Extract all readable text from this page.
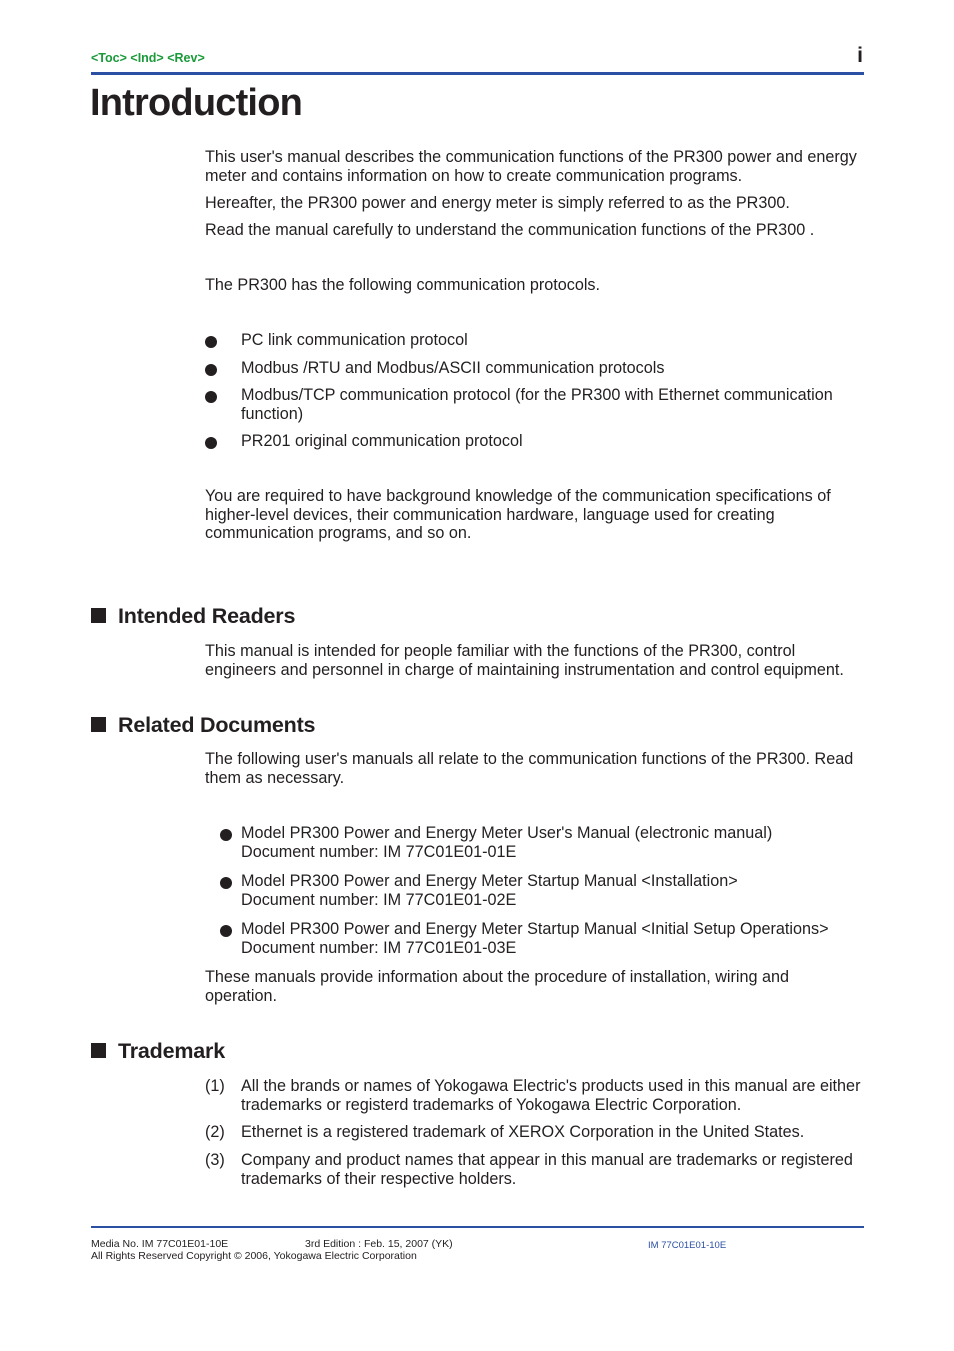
<Toc> <Ind> <Rev>	i
Introduction

This user's manual describes the communication functions of the PR300 power and energy meter and contains information on how to create communication programs.

Hereafter, the PR300 power and energy meter is simply referred to as the PR300.

Read the manual carefully to understand the communication functions of the PR300 .

The PR300 has the following communication protocols.

PC link communication protocol
Modbus /RTU and Modbus/ASCII communication protocols
Modbus/TCP communication protocol (for the PR300 with Ethernet communication function)
PR201 original communication protocol

You are required to have background knowledge of the communication specifications of higher-level devices, their communication hardware, language used for creating communication programs, and so on.

Intended Readers

This manual is intended for people familiar with the functions of the PR300, control engineers and personnel in charge of maintaining instrumentation and control equipment.

Related Documents

The following user's manuals all relate to the communication functions of the PR300. Read them as necessary.

Model PR300 Power and Energy Meter User's Manual (electronic manual)
Document number: IM 77C01E01-01E
Model PR300 Power and Energy Meter Startup Manual <Installation>
Document number: IM 77C01E01-02E
Model PR300 Power and Energy Meter Startup Manual <Initial Setup Operations>
Document number: IM 77C01E01-03E

These manuals provide information about the procedure of installation, wiring and operation.

Trademark
(1) All the brands or names of Yokogawa Electric's products used in this manual are either trademarks or registerd trademarks of Yokogawa Electric Corporation.
(2) Ethernet is a registered trademark of XEROX Corporation in the United States.
(3) Company and product names that appear in this manual are trademarks or registered trademarks of their respective holders.
Media No. IM 77C01E01-10E	3rd Edition : Feb. 15, 2007 (YK)
All Rights Reserved Copyright © 2006, Yokogawa Electric Corporation
IM 77C01E01-10E
